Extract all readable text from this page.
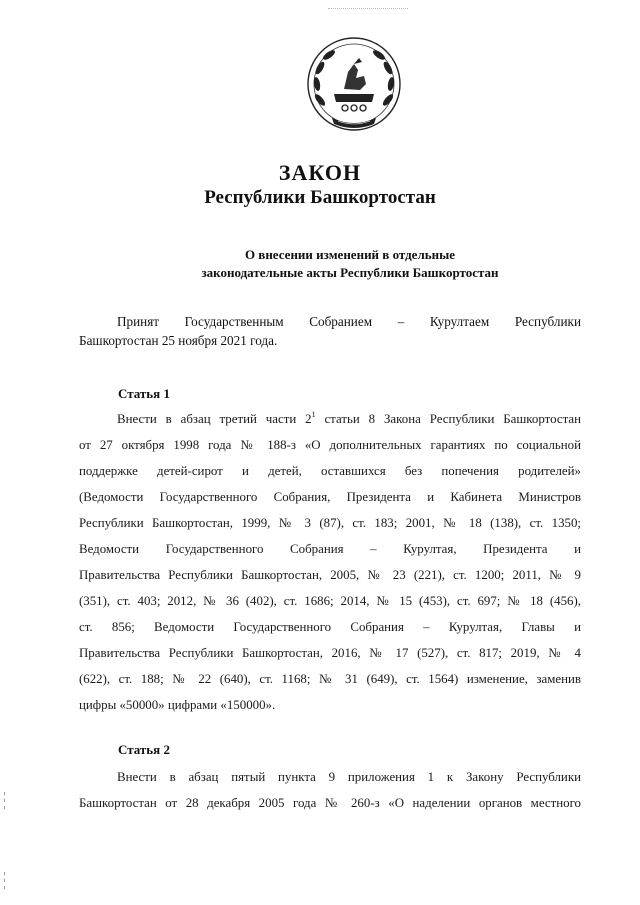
ЗАКОН
Республики Башкортостан
О внесении изменений в отдельные
законодательные акты Республики Башкортостан
Принят Государственным Собранием – Курултаем Республики
Башкортостан 25 ноября 2021 года.
Статья 1
Внести в абзац третий части $2^1$ статьи 8 Закона Республики Башкортостан
от 27 октября 1998 года № 188-з «О дополнительных гарантиях по социальной
поддержке детей-сирот и детей, оставшихся без попечения родителей»
(Ведомости Государственного Собрания, Президента и Кабинета Министров
Республики Башкортостан, 1999, № 3 (87), ст. 183; 2001, № 18 (138), ст. 1350;
Ведомости Государственного Собрания – Курултая, Президента и
Правительства Республики Башкортостан, 2005, № 23 (221), ст. 1200; 2011, № 9
(351), ст. 403; 2012, № 36 (402), ст. 1686; 2014, № 15 (453), ст. 697; № 18 (456),
ст. 856; Ведомости Государственного Собрания – Курултая, Главы и
Правительства Республики Башкортостан, 2016, № 17 (527), ст. 817; 2019, № 4
(622), ст. 188; № 22 (640), ст. 1168; № 31 (649), ст. 1564) изменение, заменив
цифры «50000» цифрами «150000».
Статья 2
Внести в абзац пятый пункта 9 приложения 1 к Закону Республики
Башкортостан от 28 декабря 2005 года № 260-з «О наделении органов местного
